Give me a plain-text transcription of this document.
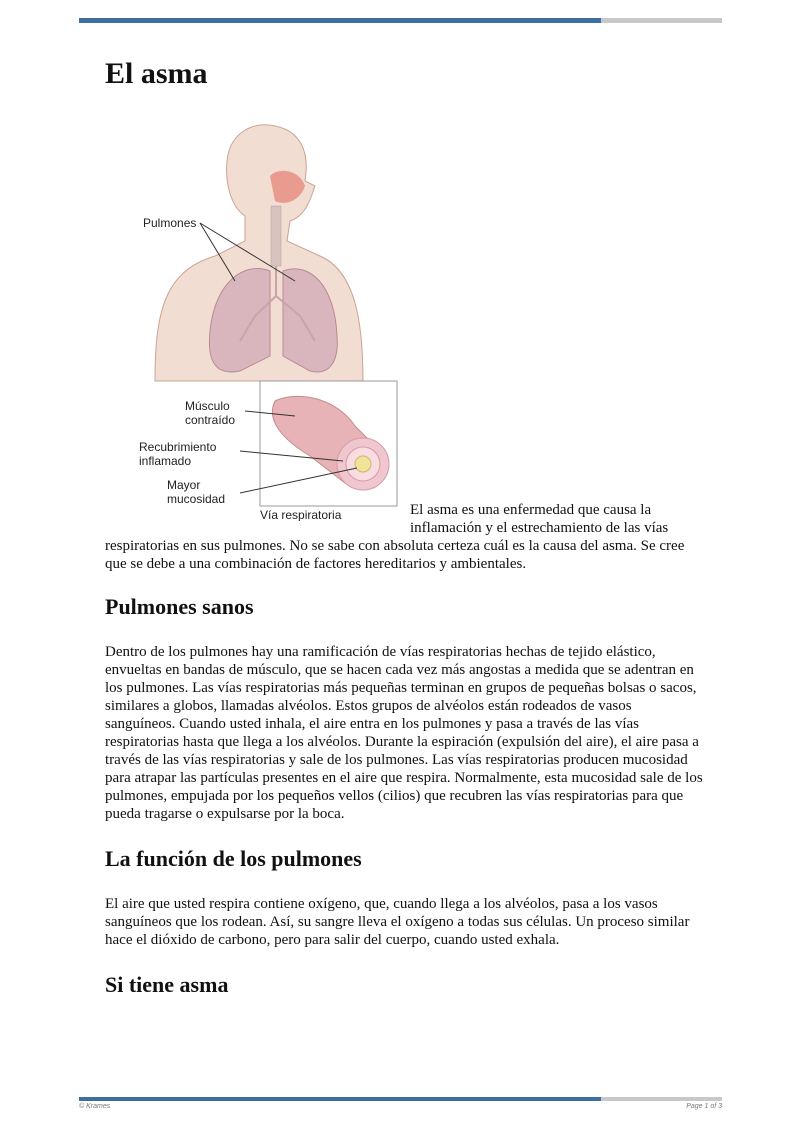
El asma
Pulmones
Músculo
contraído
Recubrimiento
inflamado
Mayor
mucosidad
Vía respiratoria	El asma es una enfermedad que causa la inflamación y el estrechamiento de las vías respiratorias en sus pulmones. No se sabe con absoluta certeza cuál es la causa del asma. Se cree que se debe a una combinación de factores hereditarios y ambientales.

Pulmones sanos

Dentro de los pulmones hay una ramificación de vías respiratorias hechas de tejido elástico, envueltas en bandas de músculo, que se hacen cada vez más angostas a medida que se adentran en los pulmones. Las vías respiratorias más pequeñas terminan en grupos de pequeñas bolsas o sacos, similares a globos, llamadas alvéolos. Estos grupos de alvéolos están rodeados de vasos sanguíneos. Cuando usted inhala, el aire entra en los pulmones y pasa a través de las vías respiratorias hasta que llega a los alvéolos. Durante la espiración (expulsión del aire), el aire pasa a través de las vías respiratorias y sale de los pulmones. Las vías respiratorias producen mucosidad para atrapar las partículas presentes en el aire que respira. Normalmente, esta mucosidad sale de los pulmones, empujada por los pequeños vellos (cilios) que recubren las vías respiratorias para que pueda tragarse o expulsarse por la boca.

La función de los pulmones

El aire que usted respira contiene oxígeno, que, cuando llega a los alvéolos, pasa a los vasos sanguíneos que los rodean. Así, su sangre lleva el oxígeno a todas sus células. Un proceso similar hace el dióxido de carbono, pero para salir del cuerpo, cuando usted exhala.

Si tiene asma
© Krames	Page 1 of 3
